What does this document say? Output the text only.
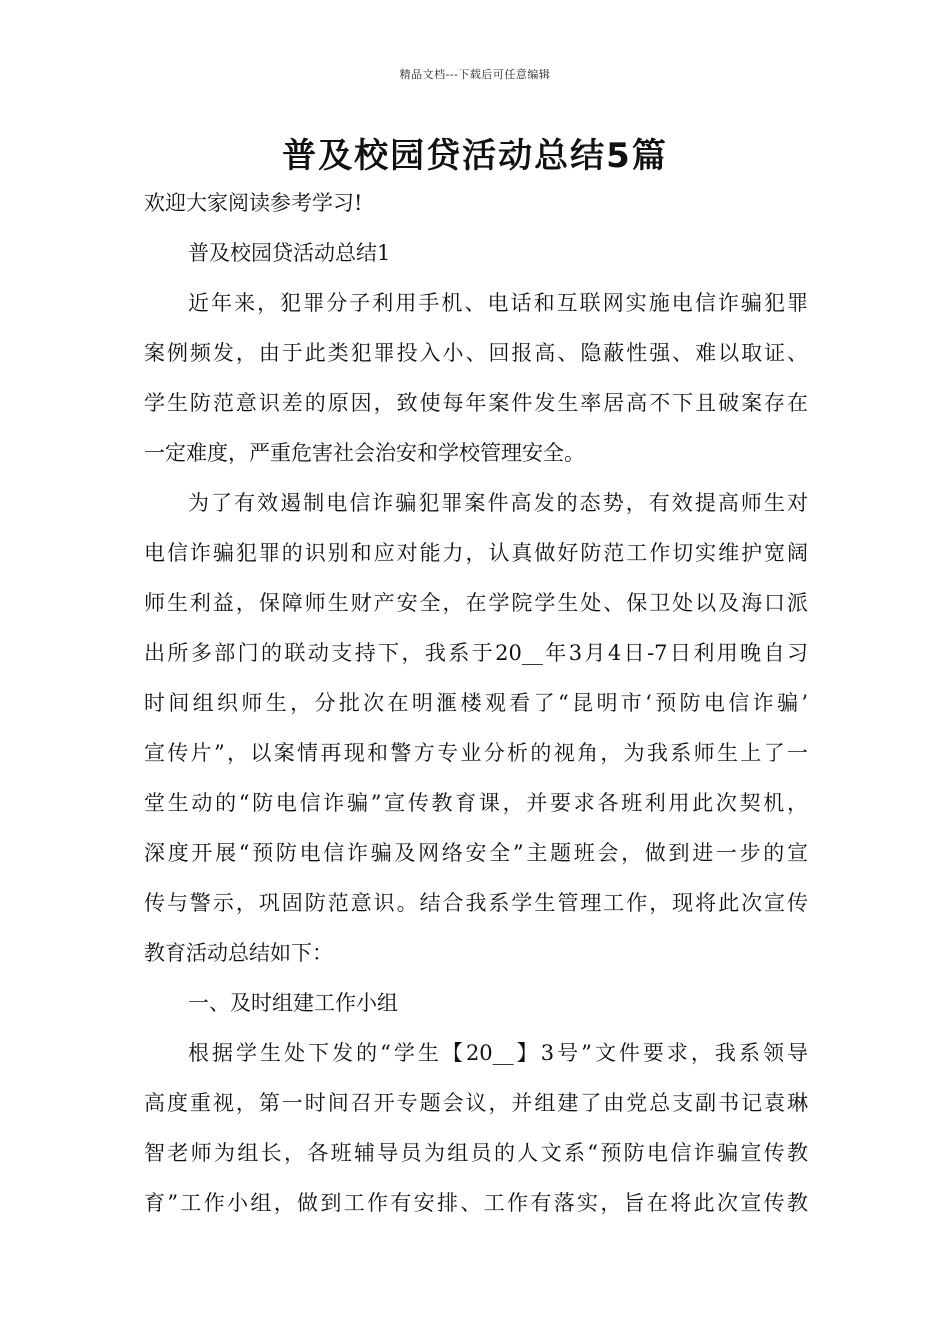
精品文档---下载后可任意编辑
普及校园贷活动总结5篇
欢迎大家阅读参考学习!
普及校园贷活动总结1
近年来，犯罪分子利用手机、电话和互联网实施电信诈骗犯罪
案例频发，由于此类犯罪投入小、回报高、隐蔽性强、难以取证、
学生防范意识差的原因，致使每年案件发生率居高不下且破案存在
一定难度，严重危害社会治安和学校管理安全。
为了有效遏制电信诈骗犯罪案件高发的态势，有效提高师生对
电信诈骗犯罪的识别和应对能力，认真做好防范工作切实维护宽阔
师生利益，保障师生财产安全，在学院学生处、保卫处以及海口派
出所多部门的联动支持下，我系于20__年3月4日-7日利用晚自习
时间组织师生，分批次在明滙楼观看了“昆明市‘预防电信诈骗’
宣传片”，以案情再现和警方专业分析的视角，为我系师生上了一
堂生动的“防电信诈骗”宣传教育课，并要求各班利用此次契机，
深度开展“预防电信诈骗及网络安全”主题班会，做到进一步的宣
传与警示，巩固防范意识。结合我系学生管理工作，现将此次宣传
教育活动总结如下：
一、及时组建工作小组
根据学生处下发的“学生【20__】3号”文件要求，我系领导
高度重视，第一时间召开专题会议，并组建了由党总支副书记袁琳
智老师为组长，各班辅导员为组员的人文系“预防电信诈骗宣传教
育”工作小组，做到工作有安排、工作有落实，旨在将此次宣传教
